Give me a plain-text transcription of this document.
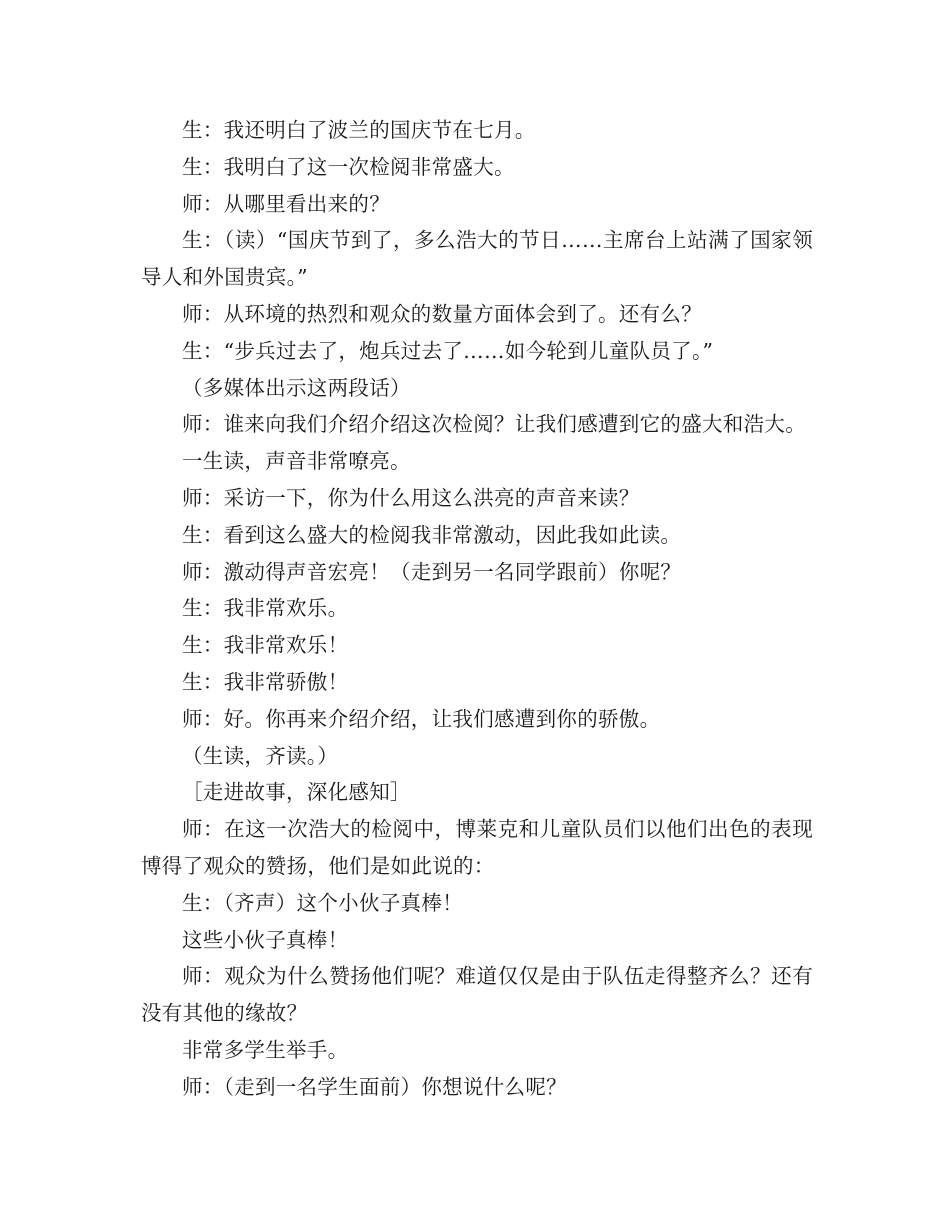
生：我还明白了波兰的国庆节在七月。

生：我明白了这一次检阅非常盛大。

师：从哪里看出来的？

生：（读）“国庆节到了，多么浩大的节日……主席台上站满了国家领导人和外国贵宾。”

师：从环境的热烈和观众的数量方面体会到了。还有么？

生：“步兵过去了，炮兵过去了……如今轮到儿童队员了。”

（多媒体出示这两段话）

师：谁来向我们介绍介绍这次检阅？让我们感遭到它的盛大和浩大。

一生读，声音非常嘹亮。

师：采访一下，你为什么用这么洪亮的声音来读？

生：看到这么盛大的检阅我非常激动，因此我如此读。

师：激动得声音宏亮！（走到另一名同学跟前）你呢？

生：我非常欢乐。

生：我非常欢乐！

生：我非常骄傲！

师：好。你再来介绍介绍，让我们感遭到你的骄傲。

（生读，齐读。）

［走进故事，深化感知］

师：在这一次浩大的检阅中，博莱克和儿童队员们以他们出色的表现博得了观众的赞扬，他们是如此说的：

生：（齐声）这个小伙子真棒！

这些小伙子真棒！

师：观众为什么赞扬他们呢？难道仅仅是由于队伍走得整齐么？还有没有其他的缘故？

非常多学生举手。

师：（走到一名学生面前）你想说什么呢？
